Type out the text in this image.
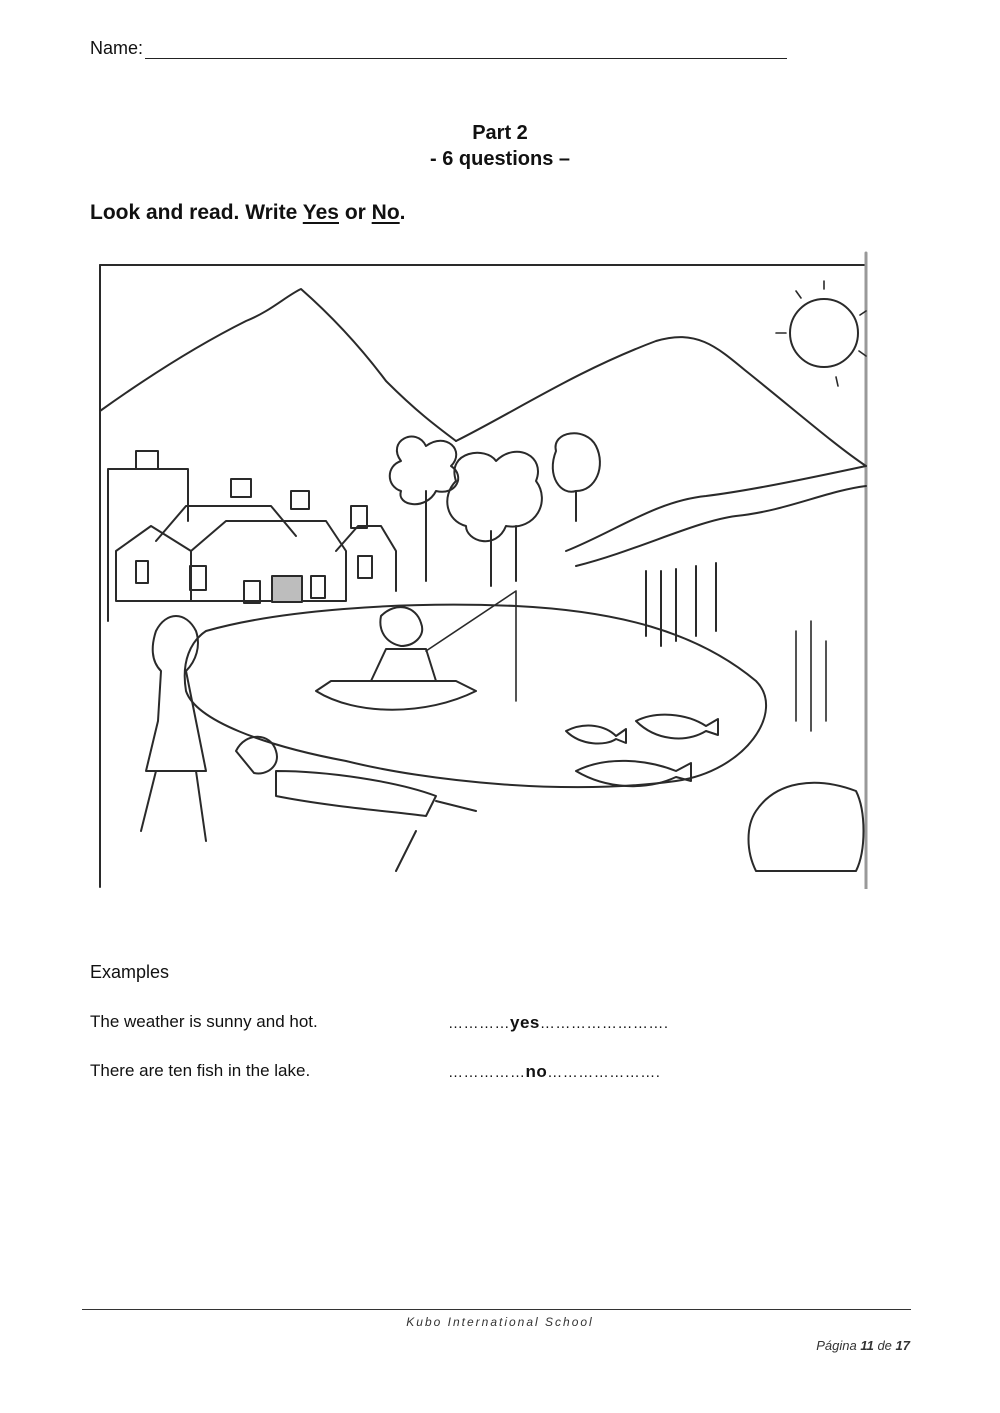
Name:
Part 2
- 6 questions –
Look and read. Write Yes or No.
Examples
The weather is sunny and hot.	…………yes…………………….
There are ten fish in the lake.	……………no………………….
Kubo International School
Página 11 de 17
